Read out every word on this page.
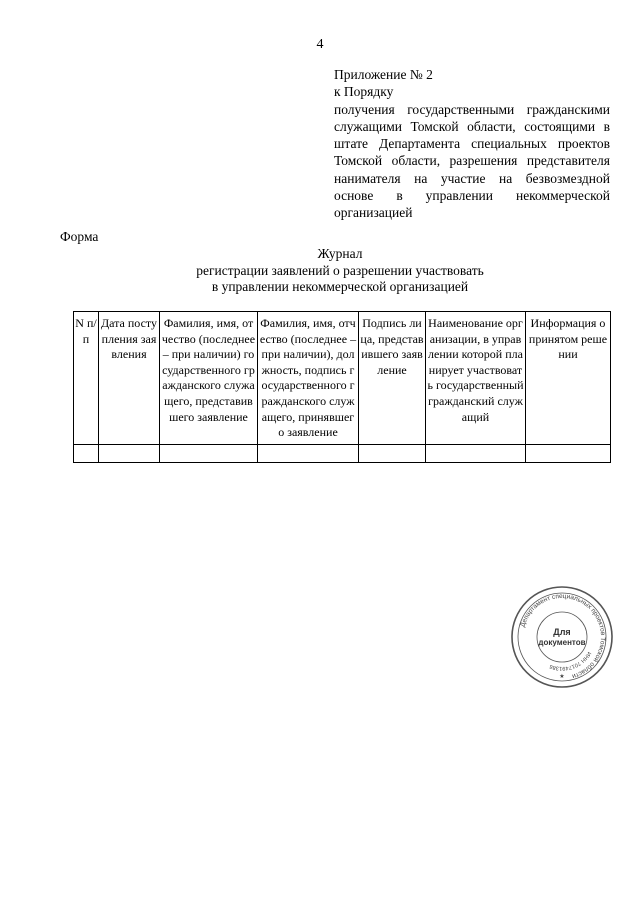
4
Приложение № 2
к Порядку
получения государственными гражданскими служащими Томской области, состоящими в штате Департамента специальных проектов Томской области, разрешения представителя нанимателя на участие на безвозмездной основе в управлении некоммерческой организацией
Форма
Журнал
регистрации заявлений о разрешении участвовать
в управлении некоммерческой организацией
N п/п	Дата поступления заявления	Фамилия, имя, отчество (последнее – при наличии) государственного гражданского служащего, представившего заявление	Фамилия, имя, отчество (последнее – при наличии), должность, подпись государственного гражданского служащего, принявшего заявление	Подпись лица, представившего заявление	Наименование организации, в управлении которой планирует участвовать государственный гражданский служащий	Информация о принятом решении

Департамент специальных проектов Томской области
ИНН 7017491386
Для
документов
★
